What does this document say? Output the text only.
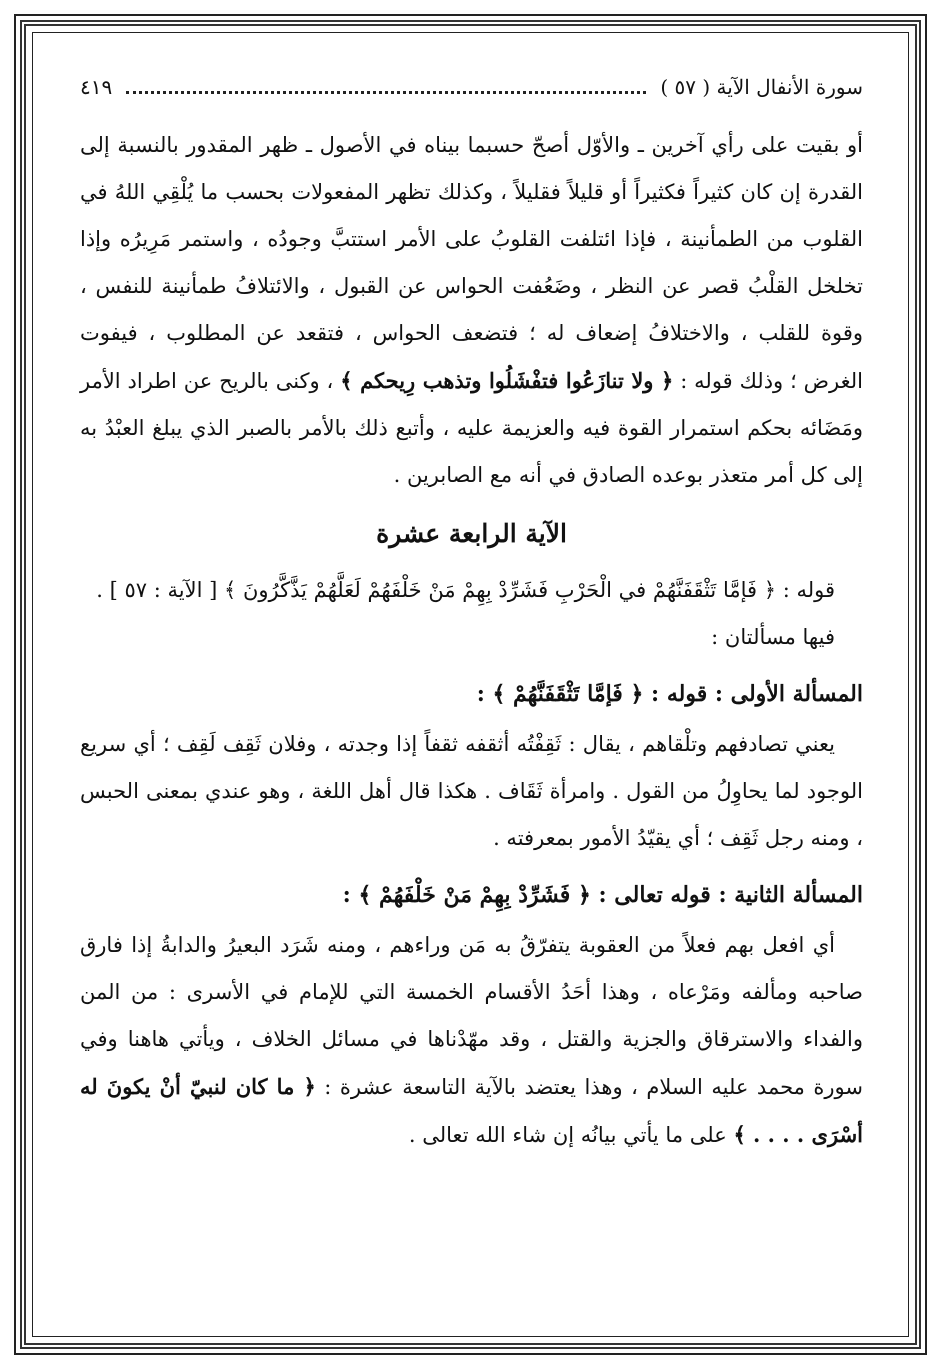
سورة الأنفال الآية ( ٥٧ )
٤١٩

أو بقيت على رأي آخرين ـ والأوّل أصحّ حسبما بيناه في الأصول ـ ظهر المقدور بالنسبة إلى القدرة إن كان كثيراً فكثيراً أو قليلاً فقليلاً ، وكذلك تظهر المفعولات بحسب ما يُلْقِي اللهُ في القلوب من الطمأنينة ، فإذا ائتلفت القلوبُ على الأمر استتبَّ وجودُه ، واستمر مَرِيرُه وإذا تخلخل القلْبُ قصر عن النظر ، وضَعُفت الحواس عن القبول ، والائتلافُ طمأنينة للنفس ، وقوة للقلب ، والاختلافُ إضعاف له ؛ فتضعف الحواس ، فتقعد عن المطلوب ، فيفوت الغرض ؛ وذلك قوله : ﴿ ولا تنازَعُوا فتفْشَلُوا وتذهب رِيحكم ﴾ ، وكنى بالريح عن اطراد الأمر ومَضَائه بحكم استمرار القوة فيه والعزيمة عليه ، وأتبع ذلك بالأمر بالصبر الذي يبلغ العبْدُ به إلى كل أمر متعذر بوعده الصادق في أنه مع الصابرين .

الآية الرابعة عشرة

قوله : ﴿ فَإمَّا تَثْقَفَنَّهُمْ في الْحَرْبِ فَشَرِّدْ بِهِمْ مَنْ خَلْفَهُمْ لَعَلَّهُمْ يَذَّكَّرُونَ ﴾ [ الآية : ٥٧ ] .

فيها مسألتان :

المسألة الأولى : قوله : ﴿ فَإمَّا تَثْقَفَنَّهُمْ ﴾ :

يعني تصادفهم وتلْقاهم ، يقال : ثَقِفْتُه أثقفه ثقفاً إذا وجدته ، وفلان ثَقِف لَقِف ؛ أي سريع الوجود لما يحاوِلُ من القول . وامرأة ثَقَاف . هكذا قال أهل اللغة ، وهو عندي بمعنى الحبس ، ومنه رجل ثَقِف ؛ أي يقيّدُ الأمور بمعرفته .

المسألة الثانية : قوله تعالى : ﴿ فَشَرِّدْ بِهِمْ مَنْ خَلْفَهُمْ ﴾ :

أي افعل بهم فعلاً من العقوبة يتفرّقُ به مَن وراءهم ، ومنه شَرَد البعيرُ والدابةُ إذا فارق صاحبه ومألفه ومَرْعاه ، وهذا أحَدُ الأقسام الخمسة التي للإمام في الأسرى : من المن والفداء والاسترقاق والجزية والقتل ، وقد مهّدْناها في مسائل الخلاف ، ويأتي هاهنا وفي سورة محمد عليه السلام ، وهذا يعتضد بالآية التاسعة عشرة : ﴿ ما كان لنبيّ أنْ يكونَ له أسْرَى . . . . ﴾ على ما يأتي بيانُه إن شاء الله تعالى .
